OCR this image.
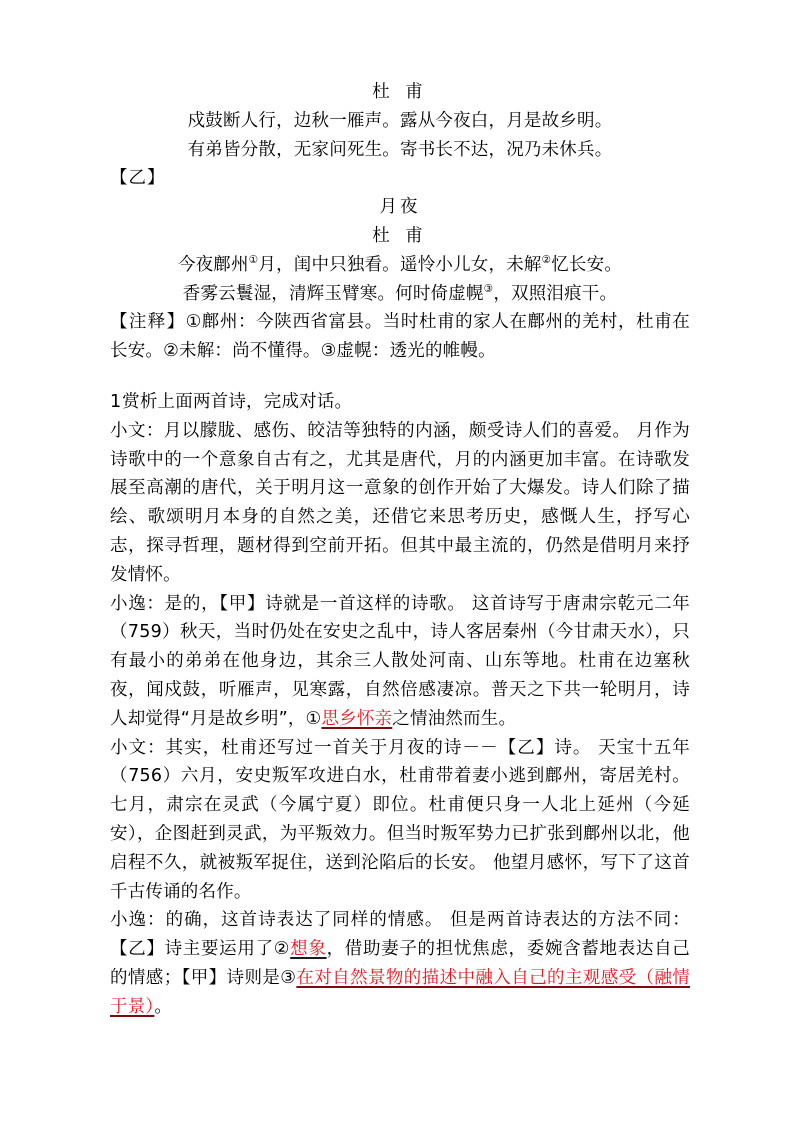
杜 甫

戍鼓断人行，边秋一雁声。露从今夜白，月是故乡明。

有弟皆分散，无家问死生。寄书长不达，况乃未休兵。

【乙】

月夜

杜 甫

今夜鄜州①月，闺中只独看。遥怜小儿女，未解②忆长安。

香雾云鬟湿，清辉玉臂寒。何时倚虚幌③，双照泪痕干。

【注释】①鄜州：今陕西省富县。当时杜甫的家人在鄜州的羌村，杜甫在长安。②未解：尚不懂得。③虚幌：透光的帷幔。

1赏析上面两首诗，完成对话。

小文：月以朦胧、感伤、皎洁等独特的内涵，颇受诗人们的喜爱。 月作为诗歌中的一个意象自古有之，尤其是唐代，月的内涵更加丰富。在诗歌发展至高潮的唐代，关于明月这一意象的创作开始了大爆发。诗人们除了描绘、歌颂明月本身的自然之美，还借它来思考历史，感慨人生，抒写心志，探寻哲理，题材得到空前开拓。但其中最主流的，仍然是借明月来抒发情怀。

小逸：是的，【甲】诗就是一首这样的诗歌。 这首诗写于唐肃宗乾元二年（759）秋天，当时仍处在安史之乱中，诗人客居秦州（今甘肃天水），只有最小的弟弟在他身边，其余三人散处河南、山东等地。杜甫在边塞秋夜，闻戍鼓，听雁声，见寒露，自然倍感凄凉。普天之下共一轮明月，诗人却觉得“月是故乡明”，①思乡怀亲之情油然而生。

小文：其实，杜甫还写过一首关于月夜的诗－－【乙】诗。 天宝十五年（756）六月，安史叛军攻进白水，杜甫带着妻小逃到鄜州，寄居羌村。七月，肃宗在灵武（今属宁夏）即位。杜甫便只身一人北上延州（今延安），企图赶到灵武，为平叛效力。但当时叛军势力已扩张到鄜州以北，他启程不久，就被叛军捉住，送到沦陷后的长安。 他望月感怀，写下了这首千古传诵的名作。

小逸：的确，这首诗表达了同样的情感。 但是两首诗表达的方法不同：【乙】诗主要运用了②想象，借助妻子的担忧焦虑，委婉含蓄地表达自己的情感；【甲】诗则是③在对自然景物的描述中融入自己的主观感受（融情于景）。
